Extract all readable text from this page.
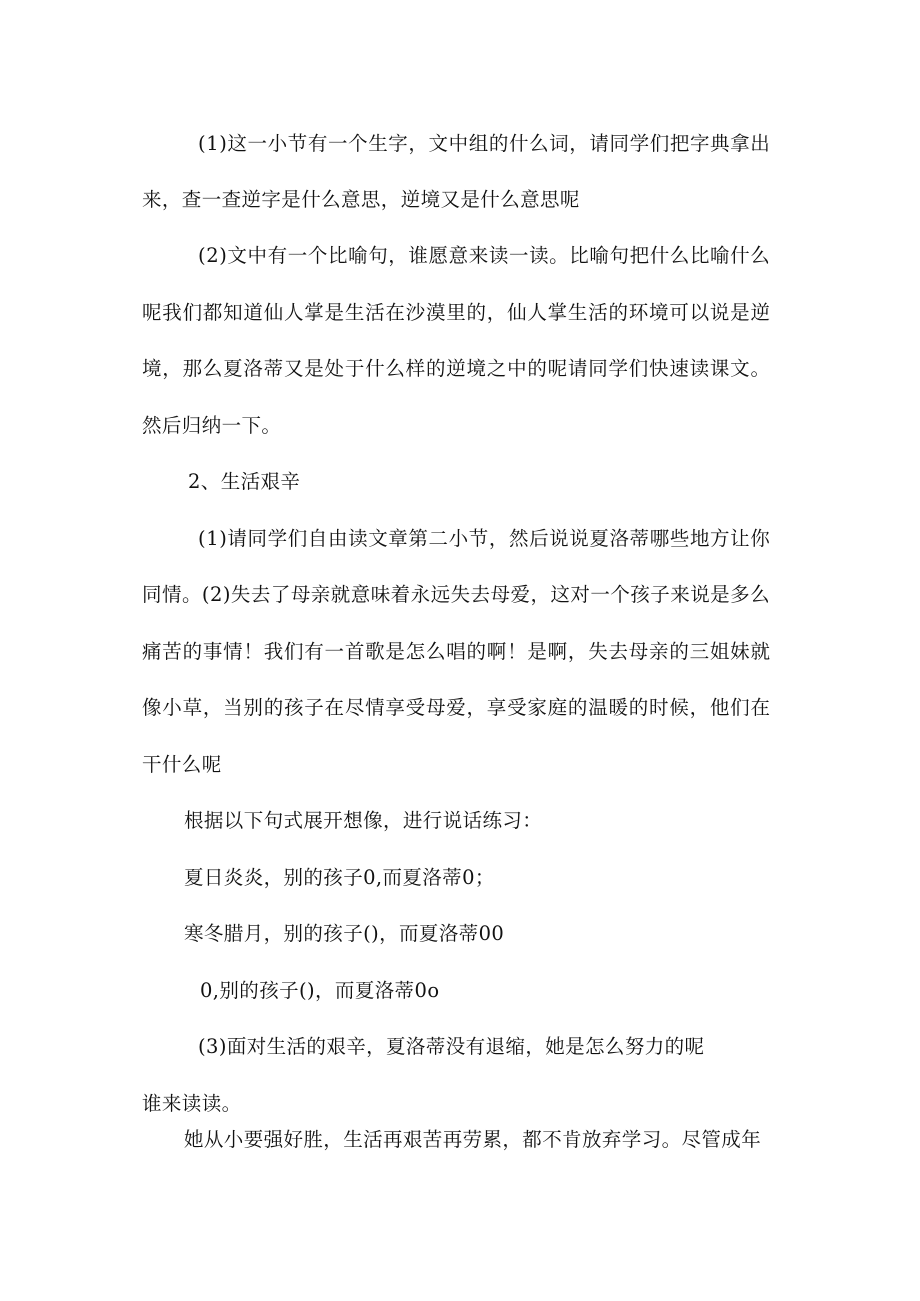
( 1 ) 这 一 小 节 有 一 个 生 字 ， 文 中 组 的 什 么 词 ， 请 同 学 们 把 字 典 拿 出
来，查一查逆字是什么意思，逆境又是什么意思呢
( 2 ) 文 中 有 一 个 比 喻 句 ， 谁 愿 意 来 读 一 读 。 比 喻 句 把 什 么 比 喻 什 么
呢 我 们 都 知 道 仙 人 掌 是 生 活 在 沙 漠 里 的 ， 仙 人 掌 生 活 的 环 境 可 以 说 是 逆
境 ， 那 么 夏 洛 蒂 又 是 处 于 什 么 样 的 逆 境 之 中 的 呢 请 同 学 们 快 速 读 课 文 。
然后归纳一下。
2、生活艰辛
( 1 ) 请 同 学 们 自 由 读 文 章 第 二 小 节 ， 然 后 说 说 夏 洛 蒂 哪 些 地 方 让 你
同 情 。 ( 2 ) 失 去 了 母 亲 就 意 味 着 永 远 失 去 母 爱 ， 这 对 一 个 孩 子 来 说 是 多 么
痛 苦 的 事 情 ！ 我 们 有 一 首 歌 是 怎 么 唱 的 啊 ！ 是 啊 ， 失 去 母 亲 的 三 姐 妹 就
像 小 草 ， 当 别 的 孩 子 在 尽 情 享 受 母 爱 ， 享 受 家 庭 的 温 暖 的 时 候 ， 他 们 在
干什么呢
根据以下句式展开想像，进行说话练习：
夏日炎炎，别的孩子0,而夏洛蒂0；
寒冬腊月，别的孩子()，而夏洛蒂00
0,别的孩子()，而夏洛蒂0o
(3)面对生活的艰辛，夏洛蒂没有退缩，她是怎么努力的呢
谁来读读。
她从小要强好胜，生活再艰苦再劳累，都不肯放弃学习。尽管成年
